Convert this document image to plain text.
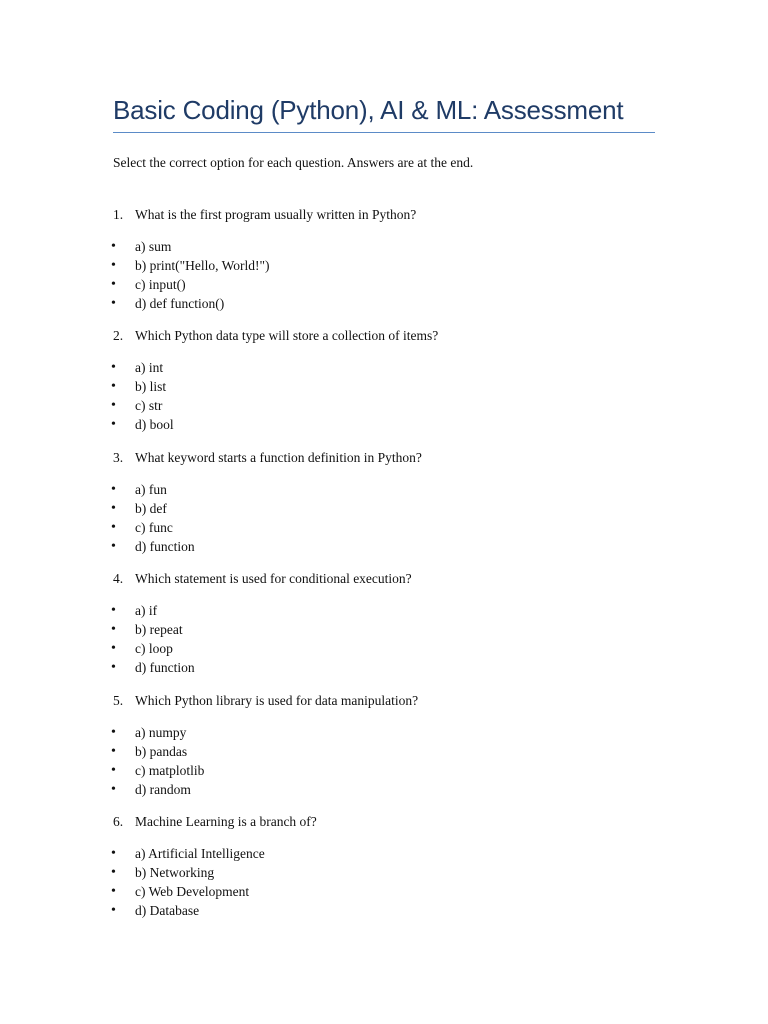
Basic Coding (Python), AI & ML: Assessment
Select the correct option for each question. Answers are at the end.
1. What is the first program usually written in Python?
• a) sum
• b) print("Hello, World!")
• c) input()
• d) def function()
2. Which Python data type will store a collection of items?
• a) int
• b) list
• c) str
• d) bool
3. What keyword starts a function definition in Python?
• a) fun
• b) def
• c) func
• d) function
4. Which statement is used for conditional execution?
• a) if
• b) repeat
• c) loop
• d) function
5. Which Python library is used for data manipulation?
• a) numpy
• b) pandas
• c) matplotlib
• d) random
6. Machine Learning is a branch of?
• a) Artificial Intelligence
• b) Networking
• c) Web Development
• d) Database
